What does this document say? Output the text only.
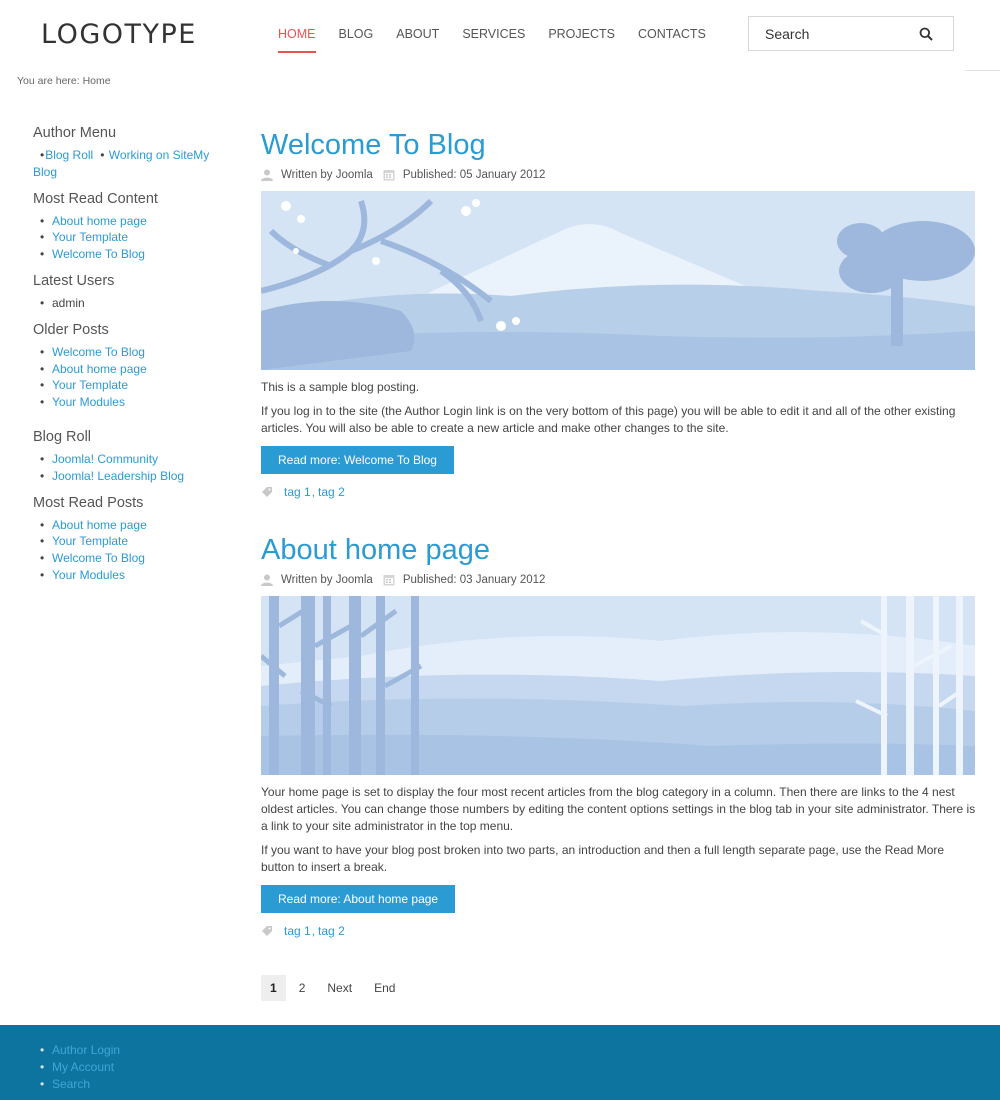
LOGOTYPE	HOME BLOG ABOUT SERVICES PROJECTS CONTACTS
Search
You are here: Home
Author Menu
•Blog Roll • Working on SiteMy Blog
Most Read Content
• About home page
• Your Template
• Welcome To Blog
Latest Users
• admin
Older Posts
• Welcome To Blog
• About home page
• Your Template
• Your Modules
Blog Roll
• Joomla! Community
• Joomla! Leadership Blog
Most Read Posts
• About home page
• Your Template
• Welcome To Blog
• Your Modules
Welcome To Blog
Written by Joomla	Published: 05 January 2012

This is a sample blog posting.

If you log in to the site (the Author Login link is on the very bottom of this page) you will be able to edit it and all of the other existing articles. You will also be able to create a new article and make other changes to the site.

Read more: Welcome To Blog
tag 1 , tag 2
About home page
Written by Joomla	Published: 03 January 2012

Your home page is set to display the four most recent articles from the blog category in a column. Then there are links to the 4 nest oldest articles. You can change those numbers by editing the content options settings in the blog tab in your site administrator. There is a link to your site administrator in the top menu.

If you want to have your blog post broken into two parts, an introduction and then a full length separate page, use the Read More button to insert a break.

Read more: About home page
tag 1 , tag 2
1	2	Next	End
• Author Login
• My Account
• Search
